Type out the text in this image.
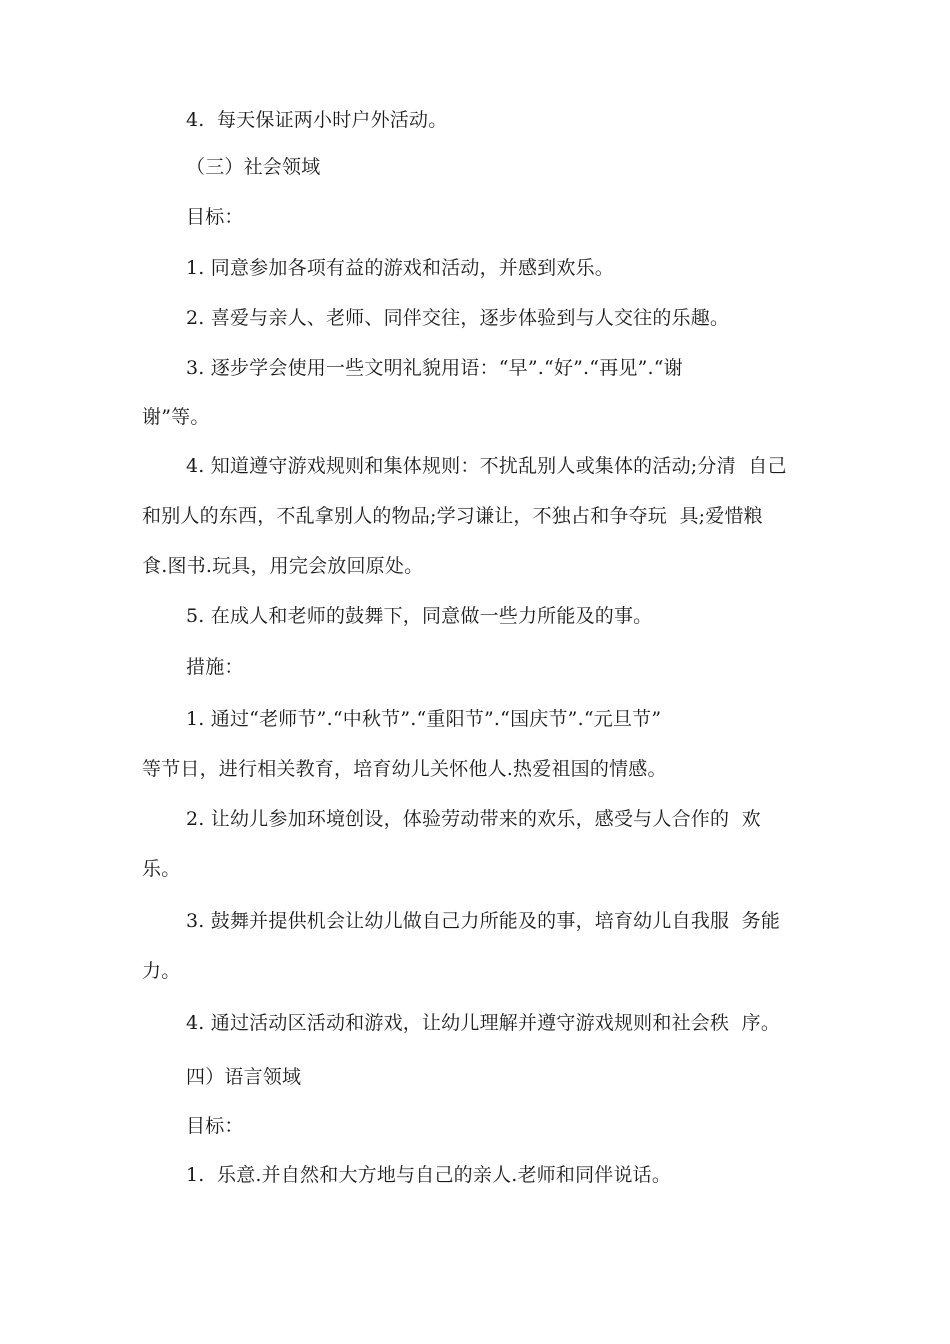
4.  每天保证两小时户外活动。
（三）社会领域
目标：
1. 同意参加各项有益的游戏和活动，并感到欢乐。
2. 喜爱与亲人、老师、同伴交往，逐步体验到与人交往的乐趣。
3. 逐步学会使用一些文明礼貌用语：“早”.“好”.“再见”.“谢
谢”等。
4. 知道遵守游戏规则和集体规则：不扰乱别人或集体的活动;分清  自己
和别人的东西，不乱拿别人的物品;学习谦让，不独占和争夺玩  具;爱惜粮
食.图书.玩具，用完会放回原处。
5. 在成人和老师的鼓舞下，同意做一些力所能及的事。
措施：
1. 通过“老师节”.“中秋节”.“重阳节”.“国庆节”.“元旦节”
等节日，进行相关教育，培育幼儿关怀他人.热爱祖国的情感。
2. 让幼儿参加环境创设，体验劳动带来的欢乐，感受与人合作的  欢
乐。
3. 鼓舞并提供机会让幼儿做自己力所能及的事，培育幼儿自我服  务能
力。
4. 通过活动区活动和游戏，让幼儿理解并遵守游戏规则和社会秩  序。
四）语言领域
目标：
1.  乐意.并自然和大方地与自己的亲人.老师和同伴说话。
